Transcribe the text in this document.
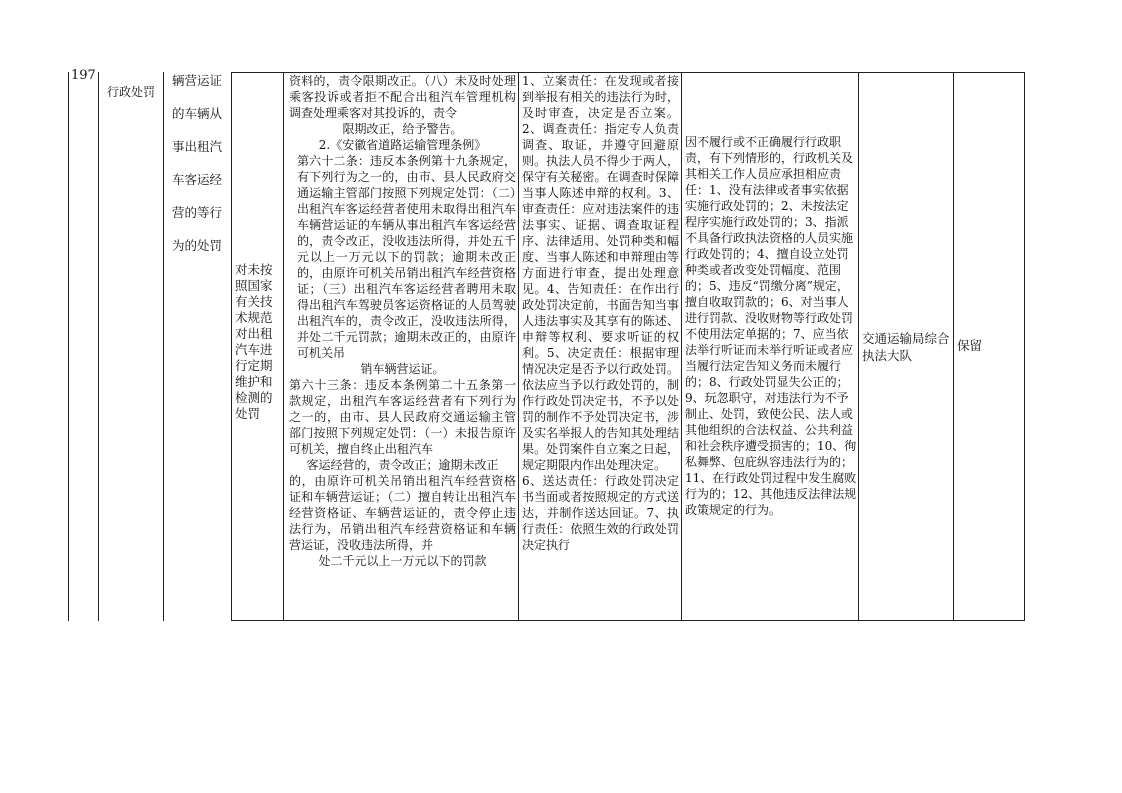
197

行政处罚

辆营运证

的车辆从

事出租汽

车客运经

营的等行

为的处罚

对未按
照国家
有关技
术规范
对出租
汽车进
行定期
维护和
检测的
处罚
资料的，责令限期改正。（八）未及时处理乘客投诉或者拒不配合出租汽车管理机构调查处理乘客对其投诉的，责令
限期改正，给予警告。
2.《安徽省道路运输管理条例》
第六十二条：违反本条例第十九条规定，有下列行为之一的，由市、县人民政府交通运输主管部门按照下列规定处罚：（二）出租汽车客运经营者使用未取得出租汽车车辆营运证的车辆从事出租汽车客运经营的，责令改正，没收违法所得，并处五千元以上一万元以下的罚款；逾期未改正的，由原许可机关吊销出租汽车经营资格证；（三）出租汽车客运经营者聘用未取得出租汽车驾驶员客运资格证的人员驾驶出租汽车的，责令改正，没收违法所得，并处二千元罚款；逾期未改正的，由原许可机关吊
销车辆营运证。
第六十三条：违反本条例第二十五条第一款规定，出租汽车客运经营者有下列行为之一的，由市、县人民政府交通运输主管部门按照下列规定处罚：（一）未报告原许可机关，擅自终止出租汽车
客运经营的，责令改正；逾期未改正
的，由原许可机关吊销出租汽车经营资格证和车辆营运证；（二）擅自转让出租汽车经营资格证、车辆营运证的，责令停止违法行为，吊销出租汽车经营资格证和车辆营运证，没收违法所得，并
处二千元以上一万元以下的罚款
1、立案责任：在发现或者接到举报有相关的违法行为时，及时审查，决定是否立案。2、调查责任：指定专人负责调查、取证，并遵守回避原则。执法人员不得少于两人，保守有关秘密。在调查时保障当事人陈述申辩的权利。3、审查责任：应对违法案件的违法事实、证据、调查取证程序、法律适用、处罚种类和幅度、当事人陈述和申辩理由等方面进行审查，提出处理意见。4、告知责任：在作出行政处罚决定前，书面告知当事人违法事实及其享有的陈述、申辩等权利、要求听证的权利。5、决定责任：根据审理情况决定是否予以行政处罚。依法应当予以行政处罚的，制作行政处罚决定书，不予以处罚的制作不予处罚决定书，涉及实名举报人的告知其处理结果。处罚案件自立案之日起，规定期限内作出处理决定。
6、送达责任：行政处罚决定书当面或者按照规定的方式送达，并制作送达回证。7、执行责任：依照生效的行政处罚决定执行
因不履行或不正确履行行政职责，有下列情形的，行政机关及其相关工作人员应承担相应责任：1、没有法律或者事实依据实施行政处罚的；2、未按法定程序实施行政处罚的；3、指派不具备行政执法资格的人员实施行政处罚的；4、擅自设立处罚种类或者改变处罚幅度、范围的；5、违反“罚缴分离”规定，擅自收取罚款的；6、对当事人进行罚款、没收财物等行政处罚不使用法定单据的；7、应当依法举行听证而未举行听证或者应当履行法定告知义务而未履行的；8、行政处罚显失公正的；9、玩忽职守，对违法行为不予制止、处罚，致使公民、法人或其他组织的合法权益、公共利益和社会秩序遭受损害的；10、徇私舞弊、包庇纵容违法行为的；11、在行政处罚过程中发生腐败行为的；12、其他违反法律法规政策规定的行为。
交通运输局综合执法大队
保留
